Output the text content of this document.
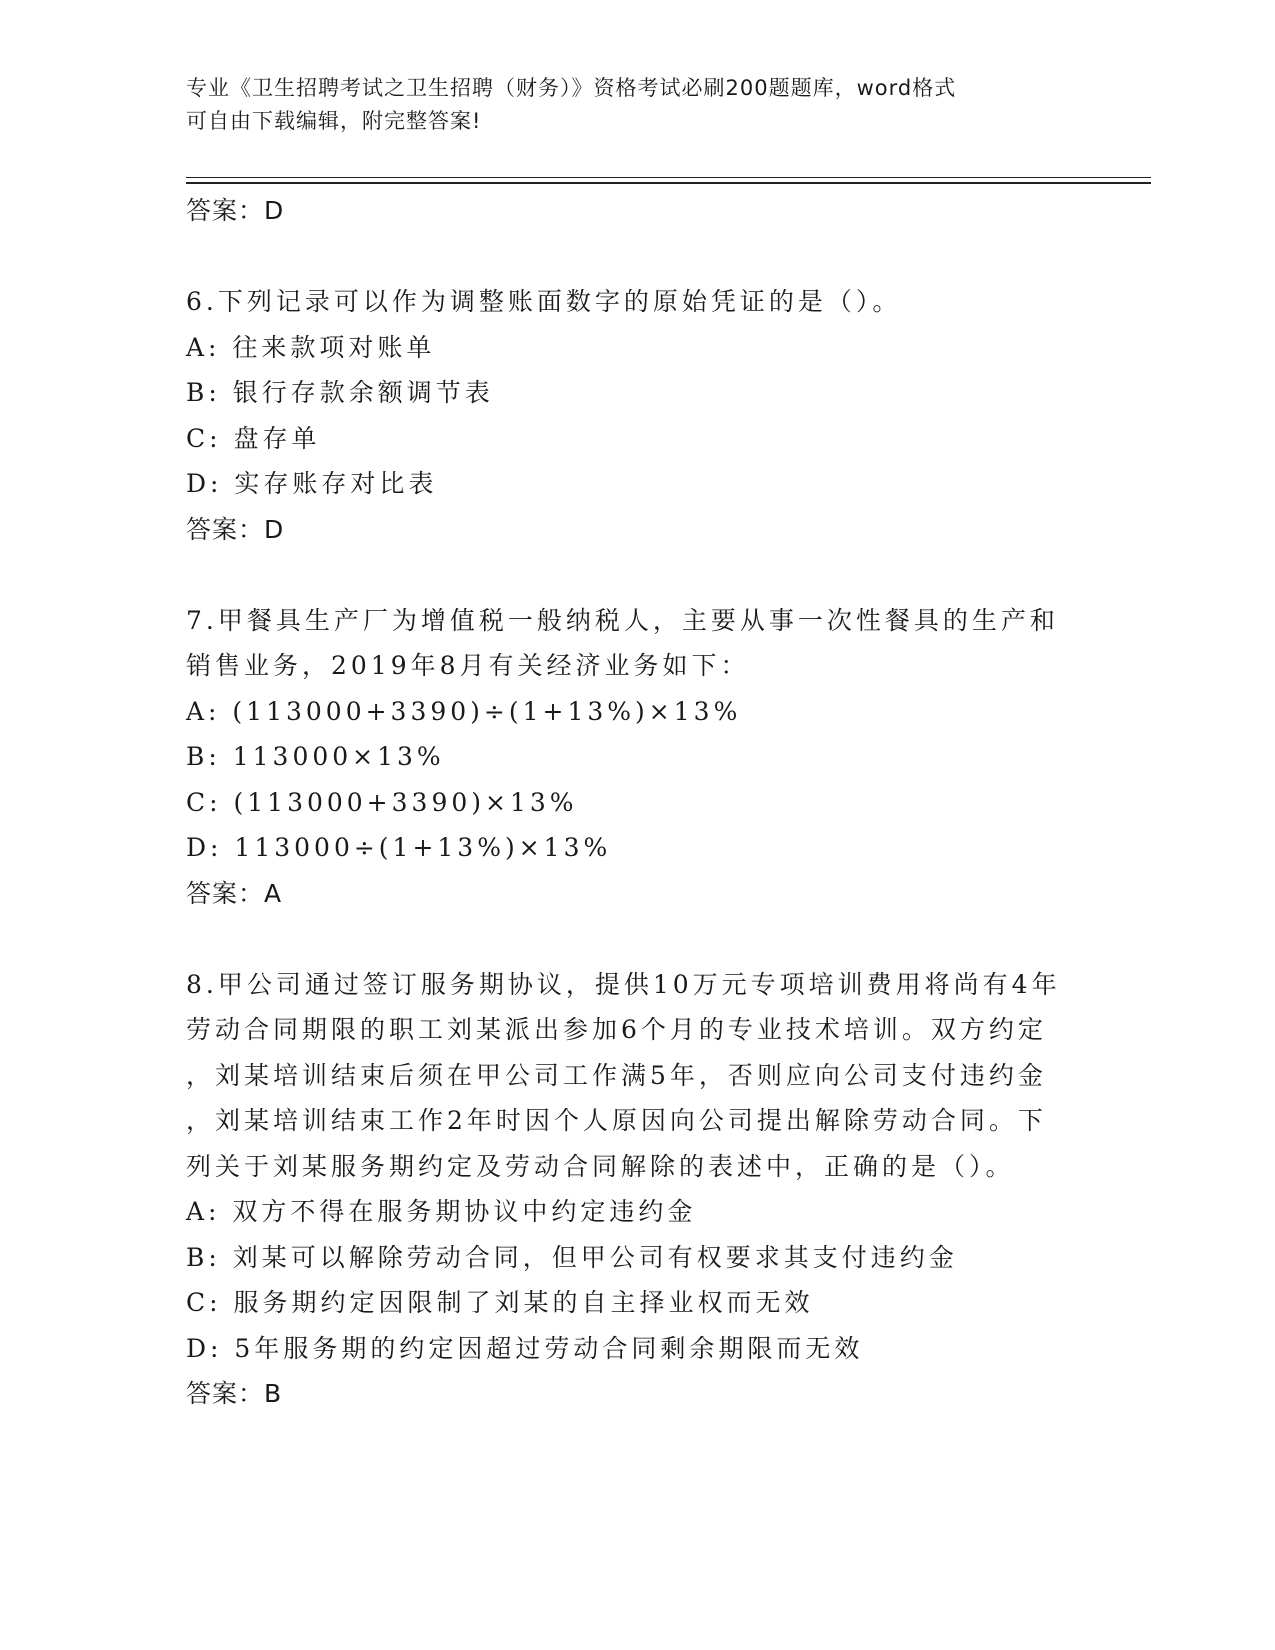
专业《卫生招聘考试之卫生招聘（财务）》资格考试必刷200题题库，word格式
可自由下载编辑，附完整答案!
答案：D
6.下列记录可以作为调整账面数字的原始凭证的是（）。
A: 往来款项对账单
B: 银行存款余额调节表
C: 盘存单
D: 实存账存对比表
答案：D
7.甲餐具生产厂为增值税一般纳税人，主要从事一次性餐具的生产和
销售业务，2019年8月有关经济业务如下：
A: (113000+3390)÷(1+13%)×13%
B: 113000×13%
C: (113000+3390)×13%
D: 113000÷(1+13%)×13%
答案：A
8.甲公司通过签订服务期协议，提供10万元专项培训费用将尚有4年
劳动合同期限的职工刘某派出参加6个月的专业技术培训。双方约定
，刘某培训结束后须在甲公司工作满5年，否则应向公司支付违约金
，刘某培训结束工作2年时因个人原因向公司提出解除劳动合同。下
列关于刘某服务期约定及劳动合同解除的表述中，正确的是（）。
A: 双方不得在服务期协议中约定违约金
B: 刘某可以解除劳动合同，但甲公司有权要求其支付违约金
C: 服务期约定因限制了刘某的自主择业权而无效
D: 5年服务期的约定因超过劳动合同剩余期限而无效
答案：B
